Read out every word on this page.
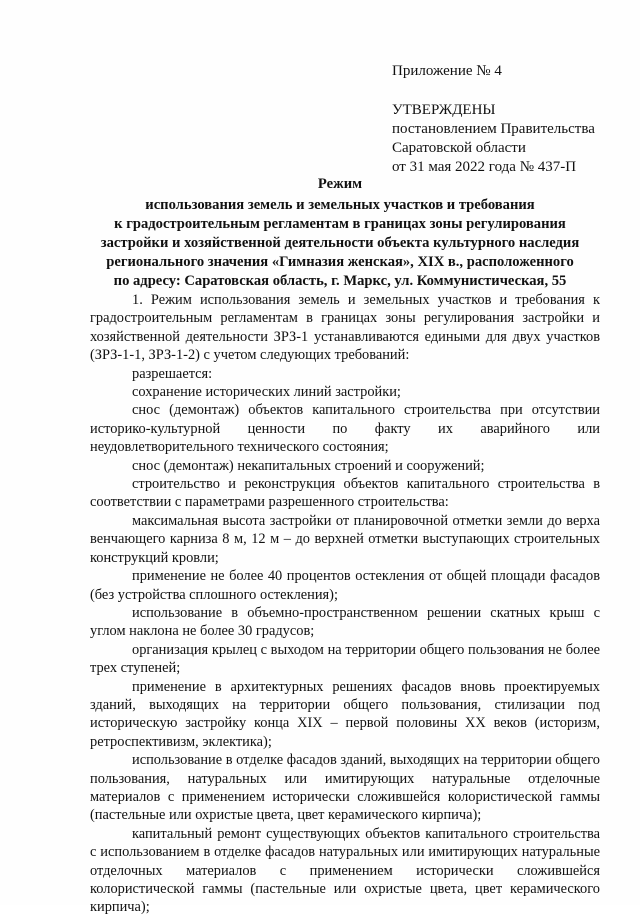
Приложение № 4
УТВЕРЖДЕНЫ
постановлением Правительства
Саратовской области
от 31 мая 2022 года № 437-П
Режим
использования земель и земельных участков и требования
к градостроительным регламентам в границах зоны регулирования
застройки и хозяйственной деятельности объекта культурного наследия
регионального значения «Гимназия женская», XIX в., расположенного
по адресу: Саратовская область, г. Маркс, ул. Коммунистическая, 55

1. Режим использования земель и земельных участков и требования к градостроительным регламентам в границах зоны регулирования застройки и хозяйственной деятельности ЗРЗ-1 устанавливаются едиными для двух участков (ЗРЗ-1-1, ЗРЗ-1-2) с учетом следующих требований:

разрешается:

сохранение исторических линий застройки;

снос (демонтаж) объектов капитального строительства при отсутствии историко-культурной ценности по факту их аварийного или неудовлетворительного технического состояния;

снос (демонтаж) некапитальных строений и сооружений;

строительство и реконструкция объектов капитального строительства в соответствии с параметрами разрешенного строительства:

максимальная высота застройки от планировочной отметки земли до верха венчающего карниза 8 м, 12 м – до верхней отметки выступающих строительных конструкций кровли;

применение не более 40 процентов остекления от общей площади фасадов (без устройства сплошного остекления);

использование в объемно-пространственном решении скатных крыш с углом наклона не более 30 градусов;

организация крылец с выходом на территории общего пользования не более трех ступеней;

применение в архитектурных решениях фасадов вновь проектируемых зданий, выходящих на территории общего пользования, стилизации под историческую застройку конца XIX – первой половины XX веков (историзм, ретроспективизм, эклектика);

использование в отделке фасадов зданий, выходящих на территории общего пользования, натуральных или имитирующих натуральные отделочные материалов с применением исторически сложившейся колористической гаммы (пастельные или охристые цвета, цвет керамического кирпича);

капитальный ремонт существующих объектов капитального строительства с использованием в отделке фасадов натуральных или имитирующих натуральные отделочных материалов с применением исторически сложившейся колористической гаммы (пастельные или охристые цвета, цвет керамического кирпича);
